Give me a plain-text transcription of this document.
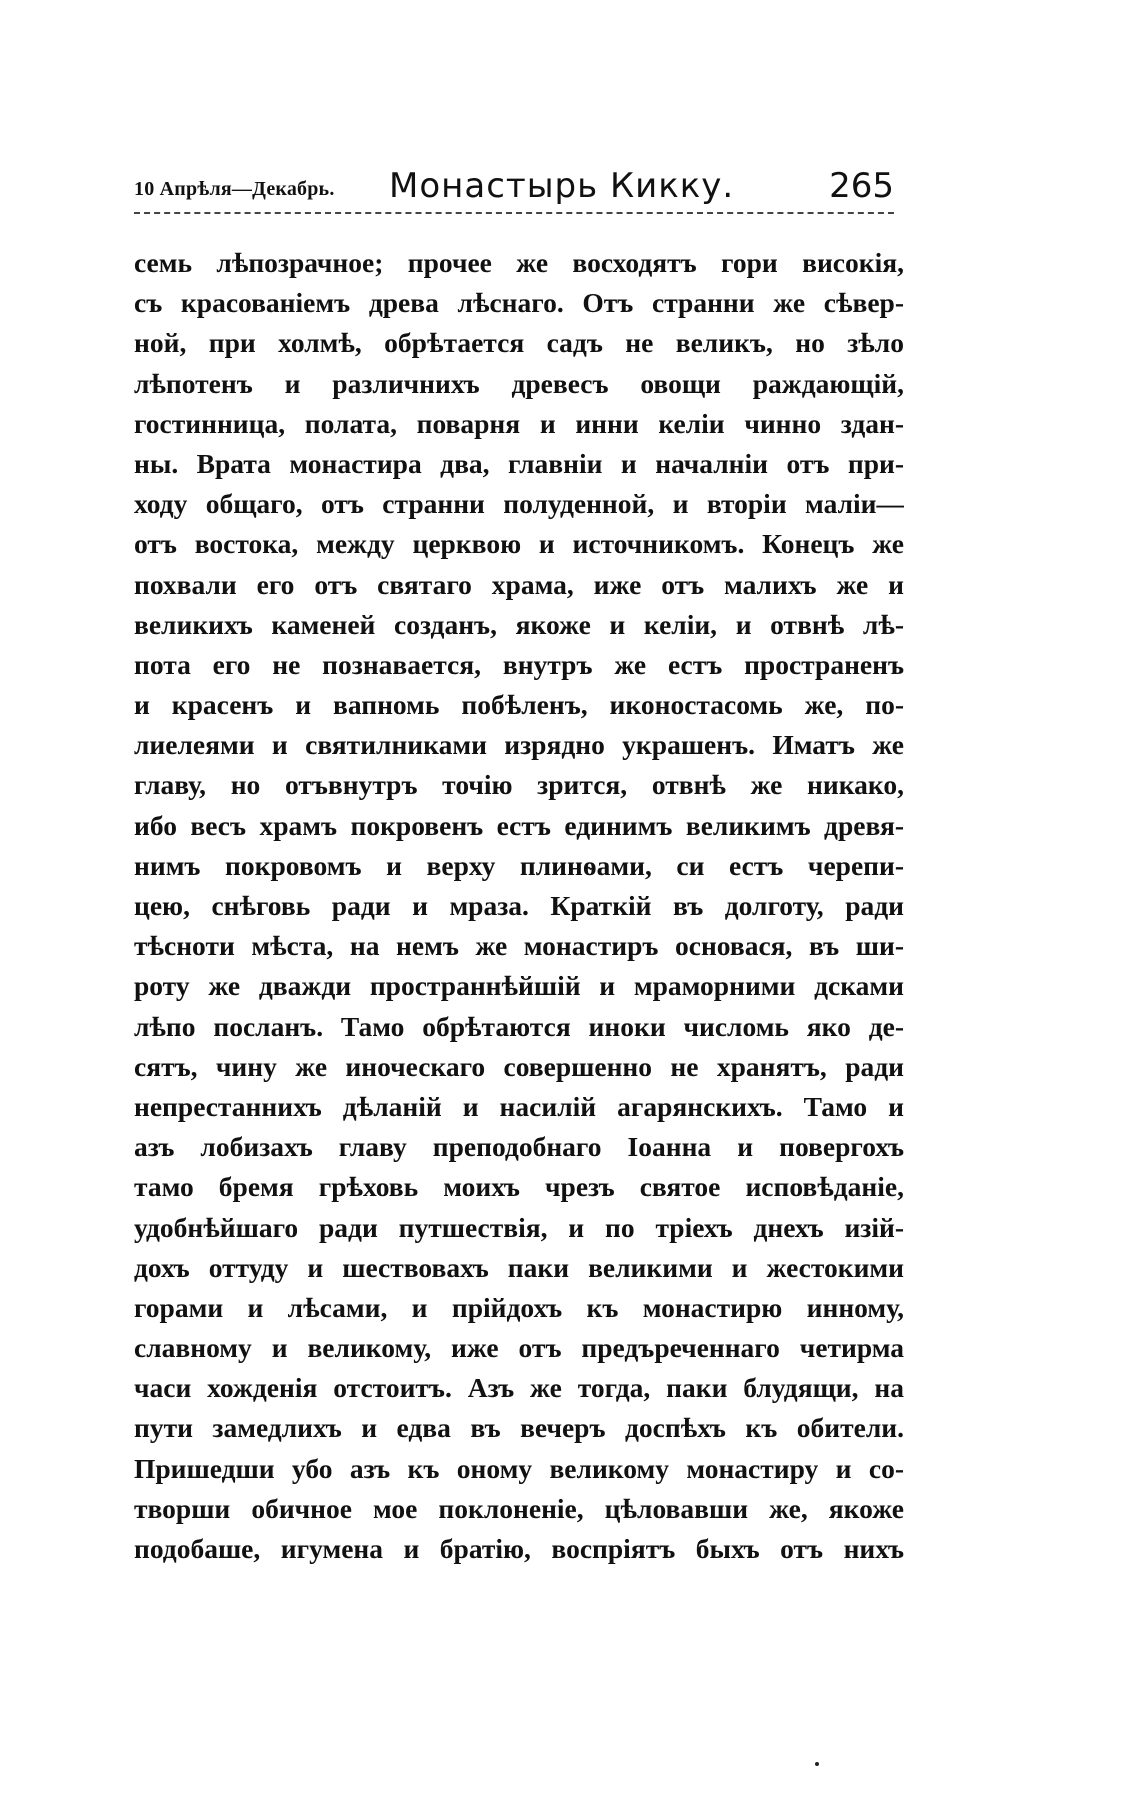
10 Апрѣля—Декабрь. Монастырь Кикку.	265
семь лѣпозрачное; прочее же восходятъ гори високія,
съ красованіемъ древа лѣснаго. Отъ странни же сѣвер-
ной, при холмѣ, обрѣтается садъ не великъ, но зѣло
лѣпотенъ и различнихъ древесъ овощи раждающій,
гостинница, полата, поварня и инни келіи чинно здан-
ны. Врата монастира два, главніи и началніи отъ при-
ходу общаго, отъ странни полуденной, и вторіи маліи—
отъ востока, между церквою и источникомъ. Конецъ же
похвали его отъ святаго храма, иже отъ малихъ же и
великихъ каменей созданъ, якоже и келіи, и отвнѣ лѣ-
пота его не познавается, внутръ же естъ пространенъ
и красенъ и вапномь побѣленъ, иконостасомь же, по-
лиелеями и святилниками изрядно украшенъ. Иматъ же
главу, но отъвнутръ точію зрится, отвнѣ же никако,
ибо весъ храмъ покровенъ естъ единимъ великимъ древя-
нимъ покровомъ и верху плинѳами, си естъ черепи-
цею, снѣговь ради и мраза. Краткій въ долготу, ради
тѣсноти мѣста, на немъ же монастиръ основася, въ ши-
роту же дважди пространнѣйшій и мраморними дсками
лѣпо посланъ. Тамо обрѣтаются иноки числомь яко де-
сятъ, чину же иноческаго совершенно не хранятъ, ради
непрестаннихъ дѣланій и насилій агарянскихъ. Тамо и
азъ лобизахъ главу преподобнаго Іоанна и повергохъ
тамо бремя грѣховь моихъ чрезъ святое исповѣданіе,
удобнѣйшаго ради путшествія, и по тріехъ днехъ изій-
дохъ оттуду и шествовахъ паки великими и жестокими
горами и лѣсами, и прійдохъ къ монастирю инному,
славному и великому, иже отъ предъреченнаго четирма
часи хожденія отстоитъ. Азъ же тогда, паки блудящи, на
пути замедлихъ и едва въ вечеръ доспѣхъ къ обители.
Пришедши убо азъ къ оному великому монастиру и со-
творши обичное мое поклоненіе, цѣловавши же, якоже
подобаше, игумена и братію, воспріятъ быхъ отъ нихъ
